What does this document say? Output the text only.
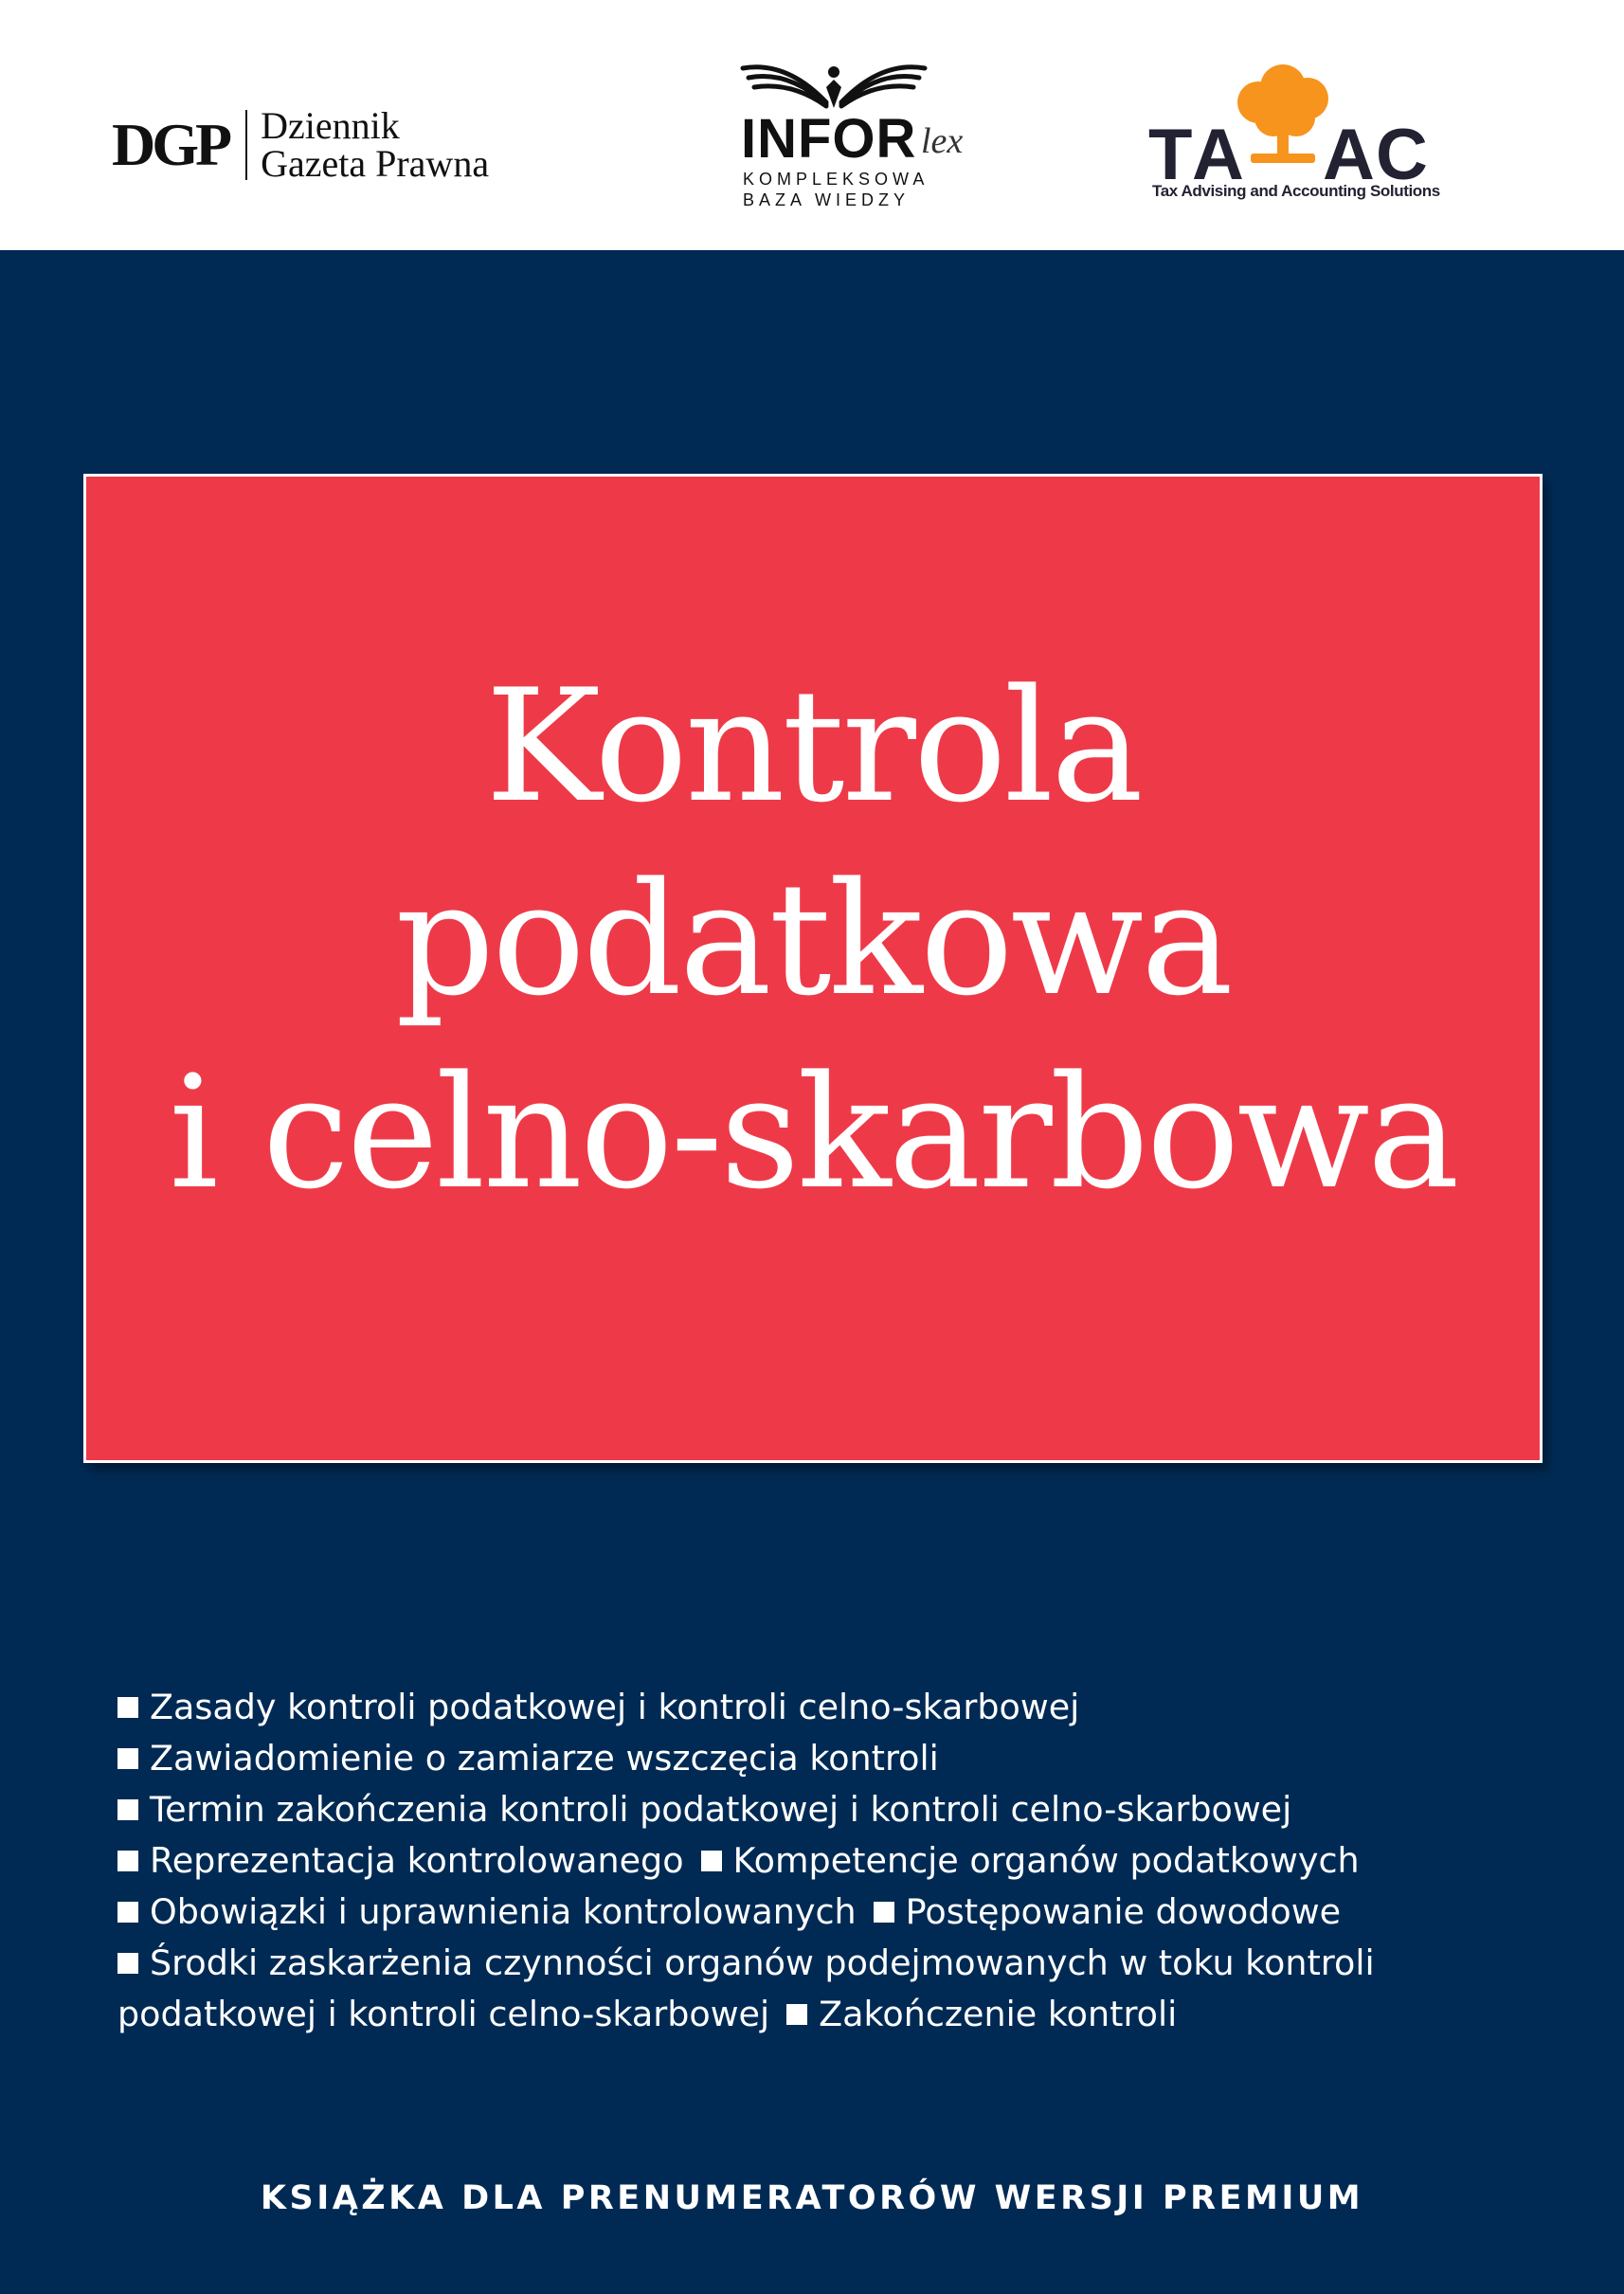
DGP Dziennik
Gazeta Prawna	INFOR lex
KOMPLEKSOWA
BAZA WIEDZY
T A A C
Tax Advising and Accounting Solutions
Kontrola
podatkowa
i celno-skarbowa
Zasady kontroli podatkowej i kontroli celno-skarbowej
Zawiadomienie o zamiarze wszczęcia kontroli
Termin zakończenia kontroli podatkowej i kontroli celno-skarbowej
Reprezentacja kontrolowanego Kompetencje organów podatkowych
Obowiązki i uprawnienia kontrolowanych Postępowanie dowodowe
Środki zaskarżenia czynności organów podejmowanych w toku kontroli
podatkowej i kontroli celno-skarbowej Zakończenie kontroli
KSIĄŻKA DLA PRENUMERATORÓW WERSJI PREMIUM
